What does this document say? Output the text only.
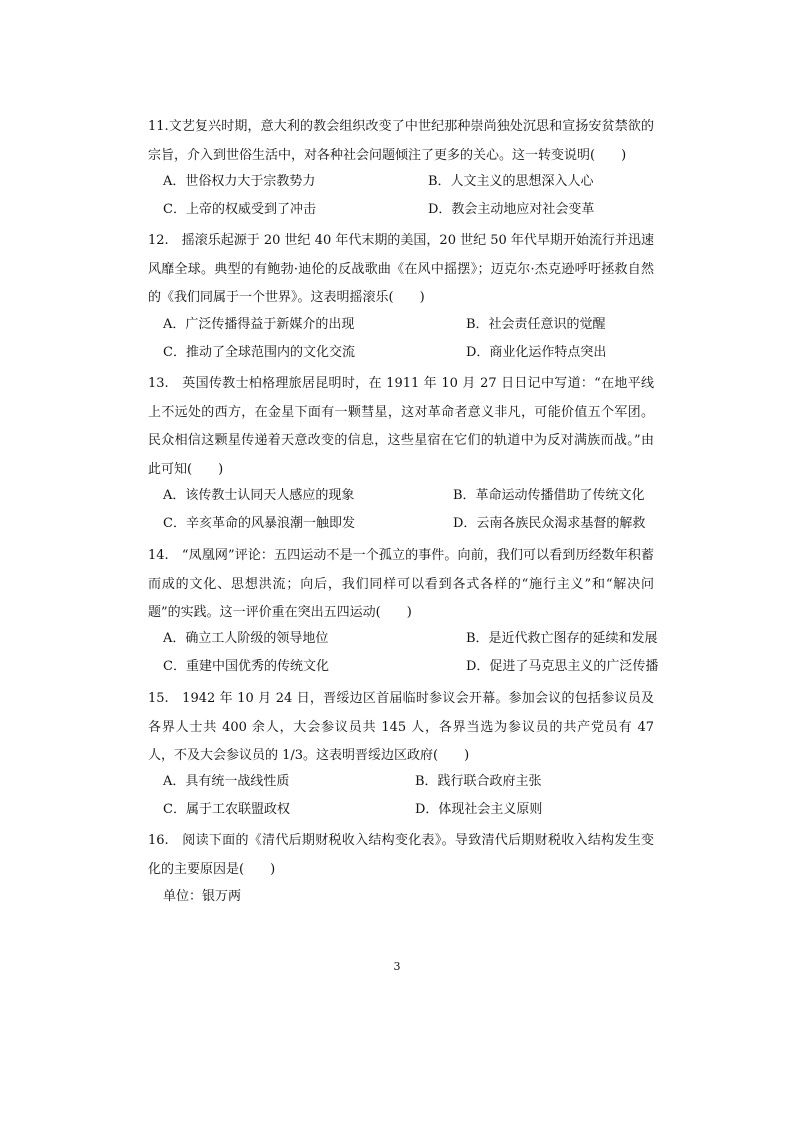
11.文艺复兴时期，意大利的教会组织改变了中世纪那种崇尚独处沉思和宣扬安贫禁欲的宗旨，介入到世俗生活中，对各种社会问题倾注了更多的关心。这一转变说明(　　)
A．世俗权力大于宗教势力	B．人文主义的思想深入人心
C．上帝的权威受到了冲击	D．教会主动地应对社会变革
12.　摇滚乐起源于 20 世纪 40 年代末期的美国，20 世纪 50 年代早期开始流行并迅速风靡全球。典型的有鲍勃·迪伦的反战歌曲《在风中摇摆》；迈克尔·杰克逊呼吁拯救自然的《我们同属于一个世界》。这表明摇滚乐(　　)
A．广泛传播得益于新媒介的出现	B．社会责任意识的觉醒
C．推动了全球范围内的文化交流	D．商业化运作特点突出
13.　英国传教士柏格理旅居昆明时，在 1911 年 10 月 27 日日记中写道：“在地平线上不远处的西方，在金星下面有一颗彗星，这对革命者意义非凡，可能价值五个军团。民众相信这颗星传递着天意改变的信息，这些星宿在它们的轨道中为反对满族而战。”由此可知(　　)
A．该传教士认同天人感应的现象	B．革命运动传播借助了传统文化
C．辛亥革命的风暴浪潮一触即发	D．云南各族民众渴求基督的解救
14.　“凤凰网”评论：五四运动不是一个孤立的事件。向前，我们可以看到历经数年积蓄而成的文化、思想洪流；向后，我们同样可以看到各式各样的“施行主义”和“解决问题”的实践。这一评价重在突出五四运动(　　)
A．确立工人阶级的领导地位	B．是近代救亡图存的延续和发展
C．重建中国优秀的传统文化	D．促进了马克思主义的广泛传播
15.　1942 年 10 月 24 日，晋绥边区首届临时参议会开幕。参加会议的包括参议员及各界人士共 400 余人，大会参议员共 145 人，各界当选为参议员的共产党员有 47 人，不及大会参议员的 1/3。这表明晋绥边区政府(　　)
A．具有统一战线性质	B．践行联合政府主张
C．属于工农联盟政权	D．体现社会主义原则
16.　阅读下面的《清代后期财税收入结构变化表》。导致清代后期财税收入结构发生变化的主要原因是(　　)
单位：银万两
3
